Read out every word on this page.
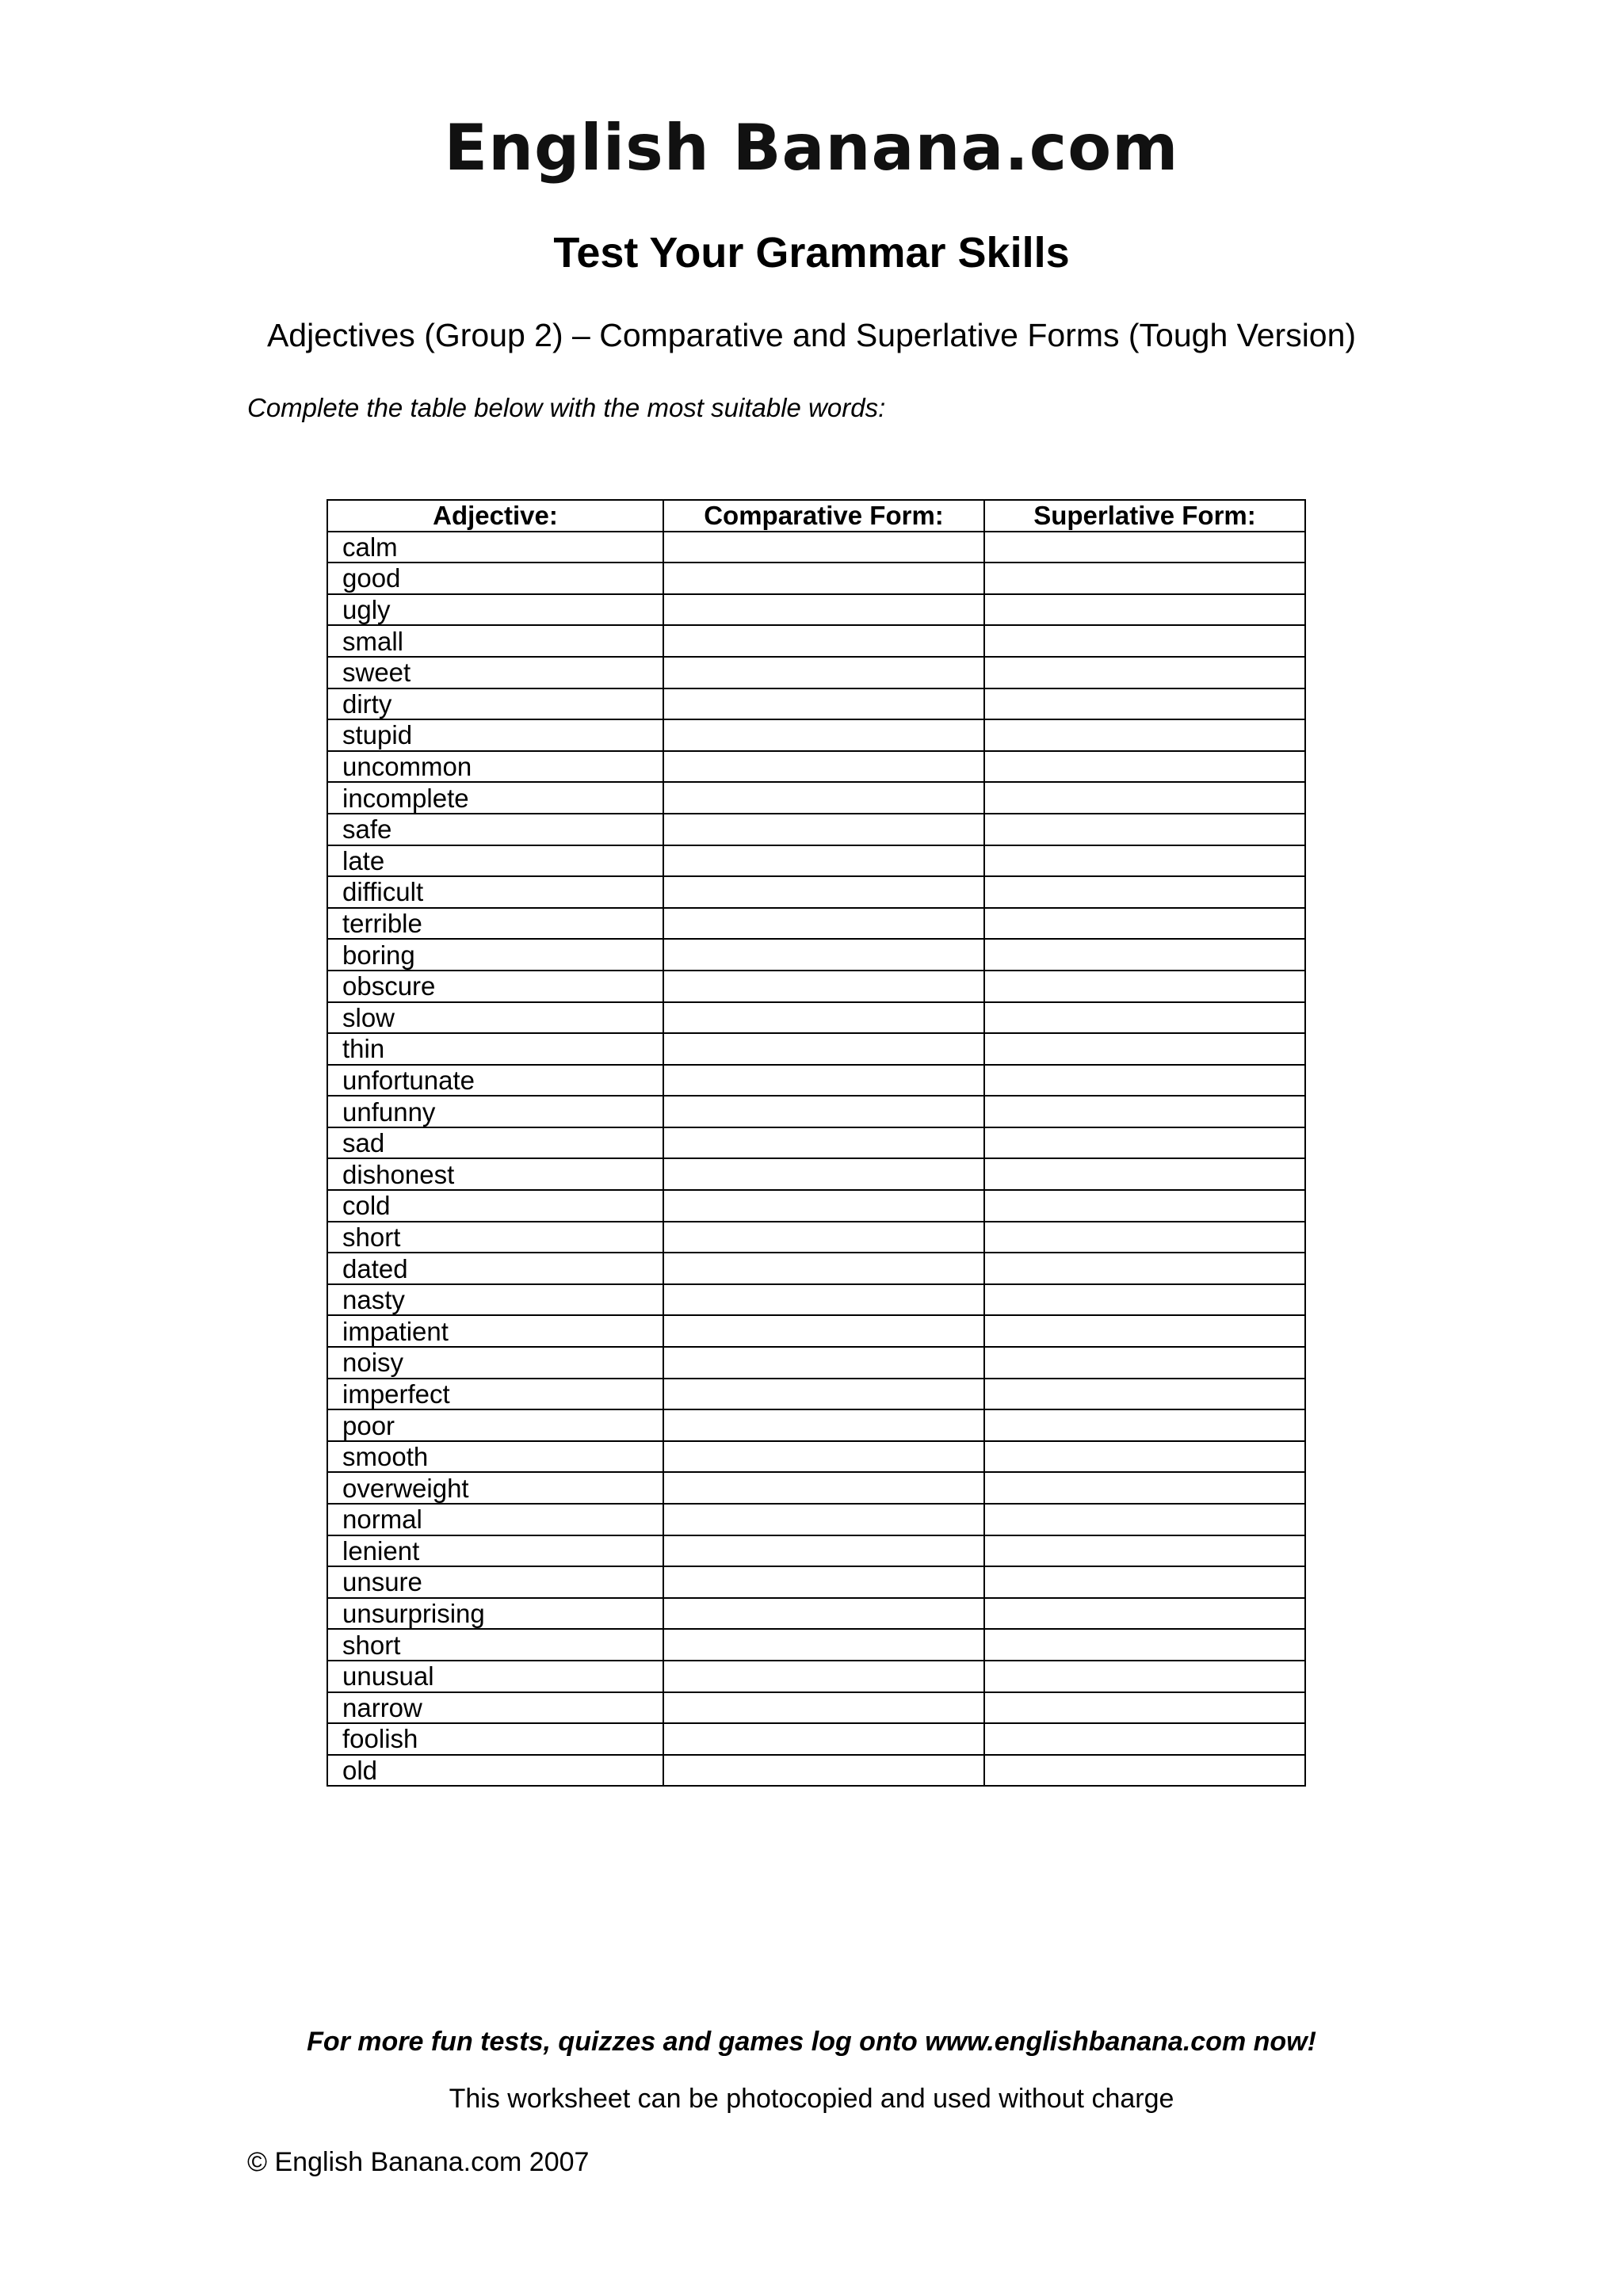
English Banana.com
Test Your Grammar Skills
Adjectives (Group 2) – Comparative and Superlative Forms (Tough Version)
Complete the table below with the most suitable words:
Adjective:	Comparative Form:	Superlative Form:
calm		
good		
ugly		
small		
sweet		
dirty		
stupid		
uncommon		
incomplete		
safe		
late		
difficult		
terrible		
boring		
obscure		
slow		
thin		
unfortunate		
unfunny		
sad		
dishonest		
cold		
short		
dated		
nasty		
impatient		
noisy		
imperfect		
poor		
smooth		
overweight		
normal		
lenient		
unsure		
unsurprising		
short		
unusual		
narrow		
foolish		
old		
For more fun tests, quizzes and games log onto www.englishbanana.com now!
This worksheet can be photocopied and used without charge
© English Banana.com 2007
